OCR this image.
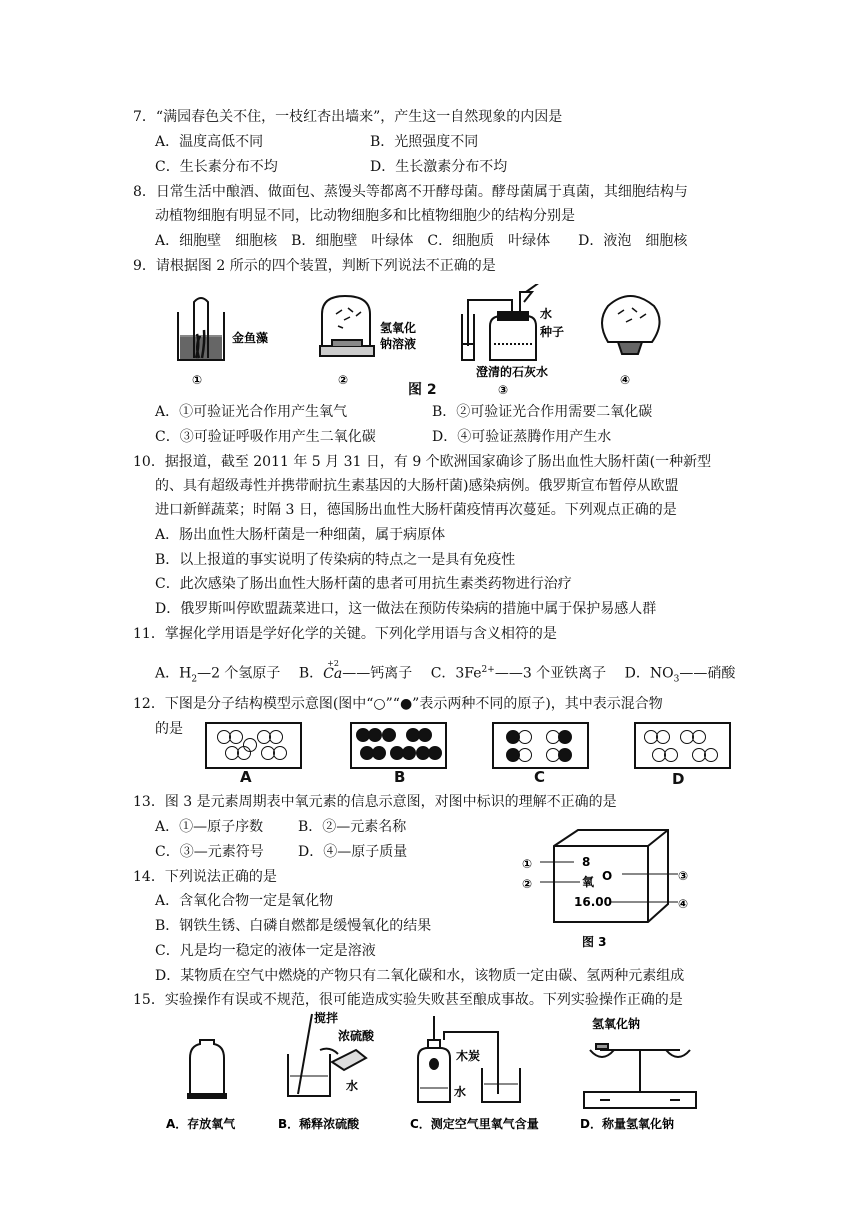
7．“满园春色关不住，一枝红杏出墙来”，产生这一自然现象的内因是
A．温度高低不同	B．光照强度不同
C．生长素分布不均	D．生长激素分布不均
8．日常生活中酿酒、做面包、蒸馒头等都离不开酵母菌。酵母菌属于真菌，其细胞结构与
动植物细胞有明显不同，比动物细胞多和比植物细胞少的结构分别是
A．细胞壁　细胞核　B．细胞壁　叶绿体　C．细胞质　叶绿体　　D．液泡　细胞核
9．请根据图 2 所示的四个装置，判断下列说法不正确的是
金鱼藻
①
氢氧化
钠溶液
②
水
种子
澄清的石灰水
③
④
图 2
A．①可验证光合作用产生氧气	B．②可验证光合作用需要二氧化碳
C．③可验证呼吸作用产生二氧化碳	D．④可验证蒸腾作用产生水
10．据报道，截至 2011 年 5 月 31 日，有 9 个欧洲国家确诊了肠出血性大肠杆菌(一种新型
的、具有超级毒性并携带耐抗生素基因的大肠杆菌)感染病例。俄罗斯宣布暂停从欧盟
进口新鲜蔬菜；时隔 3 日，德国肠出血性大肠杆菌疫情再次蔓延。下列观点正确的是
A．肠出血性大肠杆菌是一种细菌，属于病原体
B．以上报道的事实说明了传染病的特点之一是具有免疫性
C．此次感染了肠出血性大肠杆菌的患者可用抗生素类药物进行治疗
D．俄罗斯叫停欧盟蔬菜进口，这一做法在预防传染病的措施中属于保护易感人群
11．掌握化学用语是学好化学的关键。下列化学用语与含义相符的是
A．$H_2—2$ 个氢原子  B．
+2
Ca——钙离子  C．$3Fe^{2+}——3$ 个亚铁离子  D．$NO_3——$硝酸
12．下图是分子结构模型示意图(图中“○”“●”表示两种不同的原子)，其中表示混合物
的是
A	B	C	D
13．图 3 是元素周期表中氧元素的信息示意图，对图中标识的理解不正确的是
A．①—原子序数 B．②—元素名称
C．③—元素符号 D．④—原子质量
①
②
③
④
8
O
氧
16.00
图 3
14．下列说法正确的是
A．含氧化合物一定是氧化物
B．钢铁生锈、白磷自燃都是缓慢氧化的结果
C．凡是均一稳定的液体一定是溶液
D．某物质在空气中燃烧的产物只有二氧化碳和水，该物质一定由碳、氢两种元素组成
15．实验操作有误或不规范，很可能造成实验失败甚至酿成事故。下列实验操作正确的是
A．存放氧气
搅拌
浓硫酸
水
B．稀释浓硫酸
木炭
水
C．测定空气里氧气含量
氢氧化钠
D．称量氢氧化钠
